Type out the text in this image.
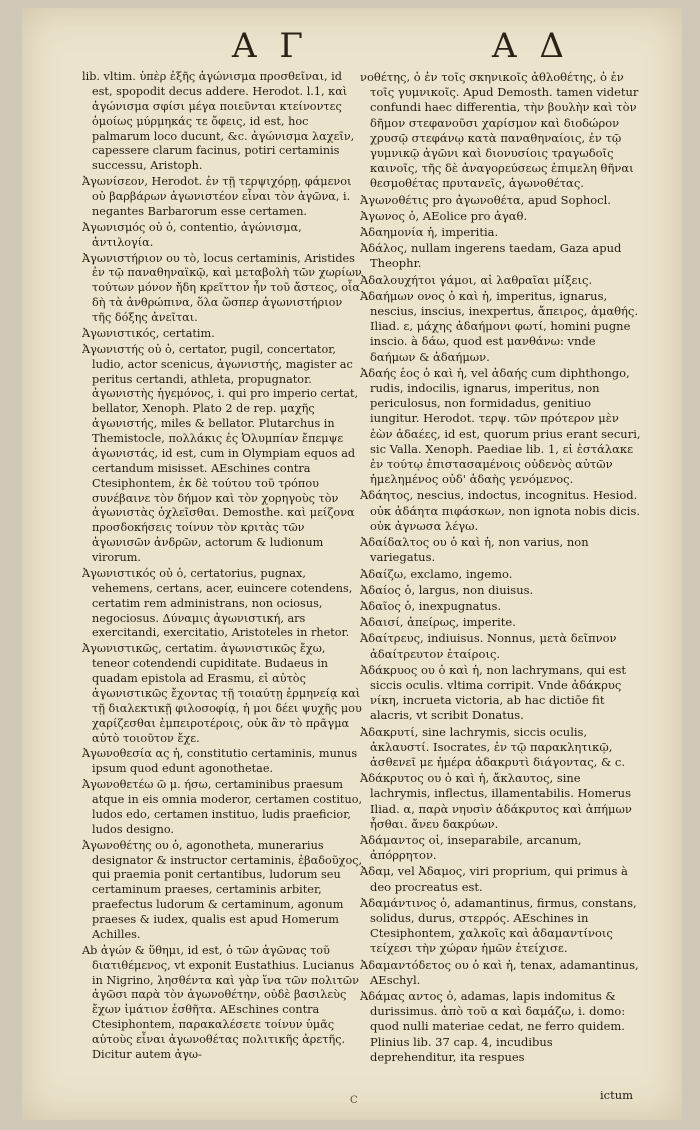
Α Γ	Α Δ
lib. vltim. ὑπὲρ ἐξῆς ἀγώνισμα προσθεῖναι, id est, spopodit decus addere. Herodot. l.1, καὶ ἀγώνισμα σφίσι μέγα ποιεῦνται κτείνοντες ὁμοίως μύρμηκάς τε ὄφεις, id est, hoc palmarum loco ducunt, &c. ἀγώνισμα λαχεῖν, capessere clarum facinus, potiri certaminis successu, Aristoph.
Ἀγωνίσεον, Herodot. ἐν τῇ τερψιχόρῃ, φάμενοι οὐ βαρβάρων ἀγωνιστέον εἶναι τὸν ἀγῶνα, i. negantes Barbarorum esse certamen.
Ἀγωνισμός οὐ ὁ, contentio, ἀγώνισμα, ἀντιλογία.
Ἀγωνιστήριον ου τὸ, locus certaminis, Aristides ἐν τῷ παναθηναϊκῷ, καὶ μεταβολὴ τῶν χωρίων τούτων μόνον ἤδη κρεῖττον ἦν τοῦ ἄστεος, οἷα δὴ τὰ ἀνθρώπινα, ὅλα ὥσπερ ἀγωνιστήριον τῆς δόξης ἀνεῖται.
Ἀγωνιστικός, certatim.
Ἀγωνιστής οὐ ὁ, certator, pugil, concertator, ludio, actor scenicus, ἀγωνιστής, magister ac peritus certandi, athleta, propugnator. ἀγωνιστὴς ἡγεμόνος, i. qui pro imperio certat, bellator, Xenoph. Plato 2 de rep. μαχῆς ἀγωνιστής, miles & bellator. Plutarchus in Themistocle, πολλάκις ἐς Ὀλυμπίαν ἔπεμψε ἀγωνιστάς, id est, cum in Olympiam equos ad certandum misisset. AEschines contra Ctesiphontem, ἐκ δὲ τούτου τοῦ τρόπου συνέβαινε τὸν δήμον καὶ τὸν χορηγοὺς τὸν ἀγωνιστὰς ὀχλεῖσθαι. Demosthe. καὶ μείζονα προσδοκήσεις τοίνυν τὸν κριτὰς τῶν ἀγωνισῶν ἀνδρῶν, actorum & ludionum virorum.
Ἀγωνιστικός οὐ ὁ, certatorius, pugnax, vehemens, certans, acer, euincere cotendens, certatim rem administrans, non ociosus, negociosus. Δύναμις ἀγωνιστική, ars exercitandi, exercitatio, Aristoteles in rhetor.
Ἀγωνιστικῶς, certatim. ἀγωνιστικῶς ἔχω, teneor cotendendi cupiditate. Budaeus in quadam epistola ad Erasmu, εἰ αὐτὸς ἀγωνιστικῶς ἔχοντας τῇ τοιαύτῃ ἑρμηνείᾳ καὶ τῇ διαλεκτικῇ φιλοσοφίᾳ, ἡ μοι δέει ψυχῆς μου χαρίζεσθαι ἐμπειροτέροις, οὐκ ἂν τὸ πρᾶγμα αὐτὸ τοιοῦτον ἔχε.
Ἀγωνοθεσία ας ἡ, constitutio certaminis, munus ipsum quod edunt agonothetae.
Ἀγωνοθετέω ῶ μ. ήσω, certaminibus praesum atque in eis omnia moderor, certamen costituo, ludos edo, certamen instituo, ludis praeficior, ludos designo.
Ἀγωνοθέτης ου ὁ, agonotheta, munerarius designator & instructor certaminis, ἐβαδοῦχος, qui praemia ponit certantibus, ludorum seu certaminum praeses, certaminis arbiter, praefectus ludorum & certaminum, agonum praeses & iudex, qualis est apud Homerum Achilles.
Ab ἀγών & ὕθημι, id est, ὁ τῶν ἀγῶνας τοῦ διατιθέμενος, vt exponit Eustathius. Lucianus in Nigrino, λησθέντα καὶ γὰρ ἵνα τῶν πολιτῶν ἀγῶσι παρὰ τὸν ἀγωνοθέτην, οὐδὲ βασιλεὺς ἔχων ἱμάτιον ἐσθῆτα. AEschines contra Ctesiphontem, παρακαλέσετε τοίνυν ὑμᾶς αὐτοὺς εἶναι ἀγωνοθέτας πολιτικῆς ἀρετῆς. Dicitur autem ἀγω-
νοθέτης, ὁ ἐν τοῖς σκηνικοῖς ἀθλοθέτης, ὁ ἐν τοῖς γυμνικοῖς. Apud Demosth. tamen videtur confundi haec differentia, τὴν βουλὴν καὶ τὸν δῆμον στεφανοῦσι χαρίσμον καὶ διοδώρον χρυσῷ στεφάνῳ κατὰ παναθηναίοις, ἐν τῷ γυμνικῷ ἀγῶνι καὶ διονυσίοις τραγωδοῖς καινοῖς, τῆς δὲ ἀναγορεύσεως ἐπιμελη θῆναι θεσμοθέτας πρυτανεῖς, ἀγωνοθέτας.
Ἀγωνοθέτις pro ἀγωνοθέτα, apud Sophocl.
Ἀγωνος ὁ, AEolice pro ἀγαθ.
Ἀδαημονία ἡ, imperitia.
Ἀδάλος, nullam ingerens taedam, Gaza apud Theophr.
Ἀδαλουχήτοι γάμοι, αἱ λαθραῖαι μίξεις.
Ἀδαήμων ονος ὁ καὶ ἡ, imperitus, ignarus, nescius, inscius, inexpertus, ἄπειρος, ἀμαθής. Iliad. ε, μάχης ἀδαήμονι φωτί, homini pugne inscio. à δάω, quod est μανθάνω: vnde δαήμων & ἀδαήμων.
Ἀδαής ἑος ὁ καὶ ἡ, vel ἀδαής cum diphthongo, rudis, indocilis, ignarus, imperitus, non periculosus, non formidadus, genitiuo iungitur. Herodot. τερψ. τῶν πρότερον μὲν ἐὼν ἀδαέες, id est, quorum prius erant securi, sic Valla. Xenoph. Paediae lib. 1, εἰ ἐστάλακε ἐν τούτῳ ἐπιστασαμένοις οὐδενὸς αὐτῶν ἡμελημένος οὐδ' ἀδαὴς γενόμενος.
Ἀδάητος, nescius, indoctus, incognitus. Hesiod. οὐκ ἀδάητα πιφάσκων, non ignota nobis dicis. οὐκ ἀγνωσα λέγω.
Ἀδαίδαλτος ου ὁ καὶ ἡ, non varius, non variegatus.
Ἀδαίζω, exclamo, ingemo.
Ἀδαίος ὁ, largus, non diuisus.
Ἀδαῖος ὁ, inexpugnatus.
Ἀδαισί, ἀπείρως, imperite.
Ἀδαίτρευς, indiuisus. Nonnus, μετὰ δεῖπνον ἀδαίτρευτον ἑταίροις.
Ἀδάκρυος ου ὁ καὶ ἡ, non lachrymans, qui est siccis oculis. vltima corripit. Vnde ἀδάκρυς νίκη, incrueta victoria, ab hac dictiōe fit alacris, vt scribit Donatus.
Ἀδακρυτί, sine lachrymis, siccis oculis, ἀκλαυστί. Isocrates, ἐν τῷ παρακλητικῷ, ἀσθενεῖ με ἡμέρα ἀδακρυτὶ διάγοντας, & c.
Ἀδάκρυτος ου ὁ καὶ ἡ, ἄκλαυτος, sine lachrymis, inflectus, illamentabilis. Homerus Iliad. α, παρὰ νηυσὶν ἀδάκρυτος καὶ ἀπήμων ἦσθαι. ἄνευ δακρύων.
Ἀδάμαντος οἱ, inseparabile, arcanum, ἀπόρρητον.
Ἀδαμ, vel Ἀδαμος, viri proprium, qui primus à deo procreatus est.
Ἀδαμάντινος ὁ, adamantinus, firmus, constans, solidus, durus, στερρός. AEschines in Ctesiphontem, χαλκοῖς καὶ ἀδαμαντίνοις τείχεσι τὴν χώραν ἡμῶν ἐτείχισε.
Ἀδαμαντόδετος ου ὁ καὶ ἡ, tenax, adamantinus, AEschyl.
Ἀδάμας αντος ὁ, adamas, lapis indomitus & durissimus. ἀπὸ τοῦ α καὶ δαμάζω, i. domo: quod nulli materiae cedat, ne ferro quidem. Plinius lib. 37 cap. 4, incudibus deprehenditur, ita respues
C	ictum
